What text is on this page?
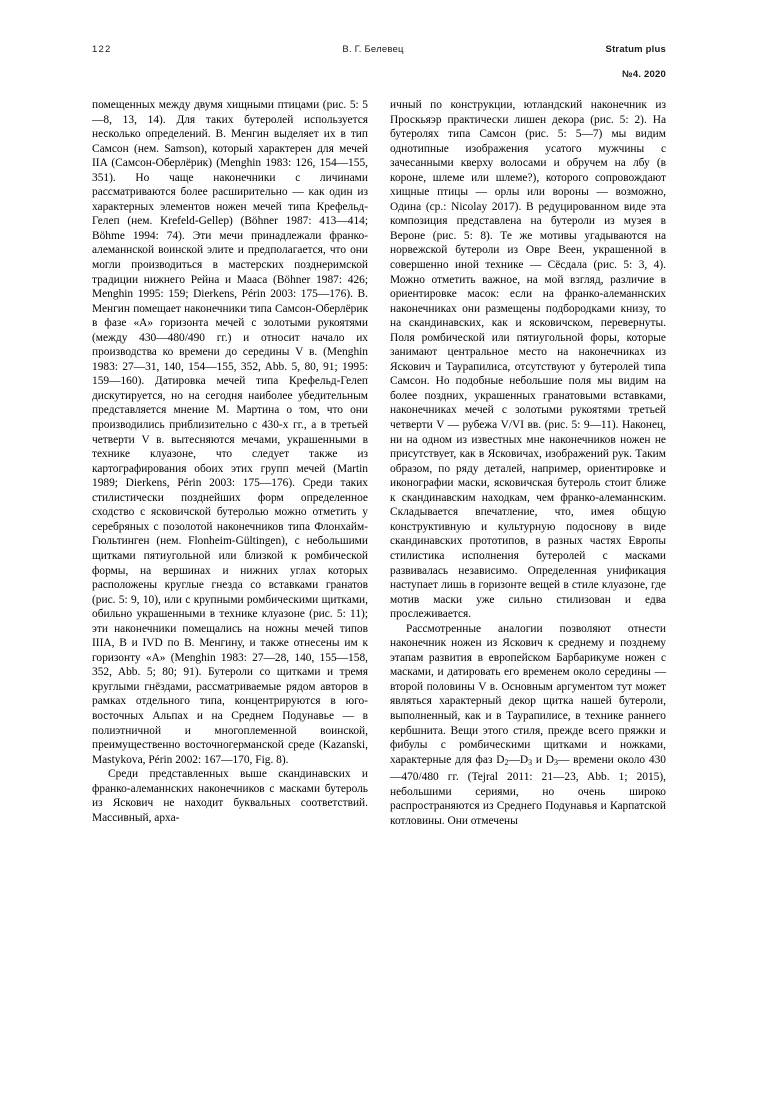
122	В. Г. Белевец	Stratum plus
№4. 2020

помещенных между двумя хищными птицами (рис. 5: 5—8, 13, 14). Для таких бутеролей используется несколько определений. В. Менгин выделяет их в тип Самсон (нем. Samson), который характерен для мечей IIA (Самсон-Оберлёрик) (Menghin 1983: 126, 154—155, 351). Но чаще наконечники с личинами рассматриваются более расширительно — как один из характерных элементов ножен мечей типа Крефельд-Гелеп (нем. Krefeld-Gellep) (Böhner 1987: 413—414; Böhme 1994: 74). Эти мечи принадлежали франко-алеманнской воинской элите и предполагается, что они могли производиться в мастерских позднеримской традиции нижнего Рейна и Мааса (Böhner 1987: 426; Menghin 1995: 159; Dierkens, Périn 2003: 175—176). В. Менгин помещает наконечники типа Самсон-Оберлёрик в фазе «А» горизонта мечей с золотыми рукоятями (между 430—480/490 гг.) и относит начало их производства ко времени до середины V в. (Menghin 1983: 27—31, 140, 154—155, 352, Abb. 5, 80, 91; 1995: 159—160). Датировка мечей типа Крефельд-Гелеп дискутируется, но на сегодня наиболее убедительным представляется мнение М. Мартина о том, что они производились приблизительно с 430-х гг., а в третьей четверти V в. вытесняются мечами, украшенными в технике клуазоне, что следует также из картографирования обоих этих групп мечей (Martin 1989; Dierkens, Périn 2003: 175—176). Среди таких стилистически позднейших форм определенное сходство с ясковичской бутеролью можно отметить у серебряных с позолотой наконечников типа Флонхайм-Гюльтинген (нем. Flonheim-Gültingen), с небольшими щитками пятиугольной или близкой к ромбической формы, на вершинах и нижних углах которых расположены круглые гнезда со вставками гранатов (рис. 5: 9, 10), или с крупными ромбическими щитками, обильно украшенными в технике клуазоне (рис. 5: 11); эти наконечники помещались на ножны мечей типов IIIА, B и IVD по В. Менгину, и также отнесены им к горизонту «А» (Menghin 1983: 27—28, 140, 155—158, 352, Abb. 5; 80; 91). Бутероли со щитками и тремя круглыми гнёздами, рассматриваемые рядом авторов в рамках отдельного типа, концентрируются в юго-восточных Альпах и на Среднем Подунавье — в полиэтничной и многоплеменной воинской, преимущественно восточногерманской среде (Kazanski, Mastykova, Périn 2002: 167—170, Fig. 8).

Среди представленных выше скандинавских и франко-алеманнских наконечников с масками бутероль из Яскович не находит буквальных соответствий. Массивный, арха-

ичный по конструкции, ютландский наконечник из Проскьяэр практически лишен декора (рис. 5: 2). На бутеролях типа Самсон (рис. 5: 5—7) мы видим однотипные изображения усатого мужчины с зачесанными кверху волосами и обручем на лбу (в короне, шлеме или шлеме?), которого сопровождают хищные птицы — орлы или вороны — возможно, Одина (ср.: Nicolay 2017). В редуцированном виде эта композиция представлена на бутероли из музея в Вероне (рис. 5: 8). Те же мотивы угадываются на норвежской бутероли из Овре Веен, украшенной в совершенно иной технике — Сёсдала (рис. 5: 3, 4). Можно отметить важное, на мой взгляд, различие в ориентировке масок: если на франко-алеманнских наконечниках они размещены подбородками книзу, то на скандинавских, как и ясковичском, перевернуты. Поля ромбической или пятиугольной форы, которые занимают центральное место на наконечниках из Яскович и Таурапилиса, отсутствуют у бутеролей типа Самсон. Но подобные небольшие поля мы видим на более поздних, украшенных гранатовыми вставками, наконечниках мечей с золотыми рукоятями третьей четверти V — рубежа V/VI вв. (рис. 5: 9—11). Наконец, ни на одном из известных мне наконечников ножен не присутствует, как в Ясковичах, изображений рук. Таким образом, по ряду деталей, например, ориентировке и иконографии маски, ясковичская бутероль стоит ближе к скандинавским находкам, чем франко-алеманнским. Складывается впечатление, что, имея общую конструктивную и культурную подоснову в виде скандинавских прототипов, в разных частях Европы стилистика исполнения бутеролей с масками развивалась независимо. Определенная унификация наступает лишь в горизонте вещей в стиле клуазоне, где мотив маски уже сильно стилизован и едва прослеживается.

Рассмотренные аналогии позволяют отнести наконечник ножен из Яскович к среднему и позднему этапам развития в европейском Барбарикуме ножен с масками, и датировать его временем около середины — второй половины V в. Основным аргументом тут может являться характерный декор щитка нашей бутероли, выполненный, как и в Таурапилисе, в технике раннего кербшнита. Вещи этого стиля, прежде всего пряжки и фибулы с ромбическими щитками и ножками, характерные для фаз $D_2—D_3$ и $D_3—$ времени около 430—470/480 гг. (Tejral 2011: 21—23, Abb. 1; 2015), небольшими сериями, но очень широко распространяются из Среднего Подунавья и Карпатской котловины. Они отмечены
